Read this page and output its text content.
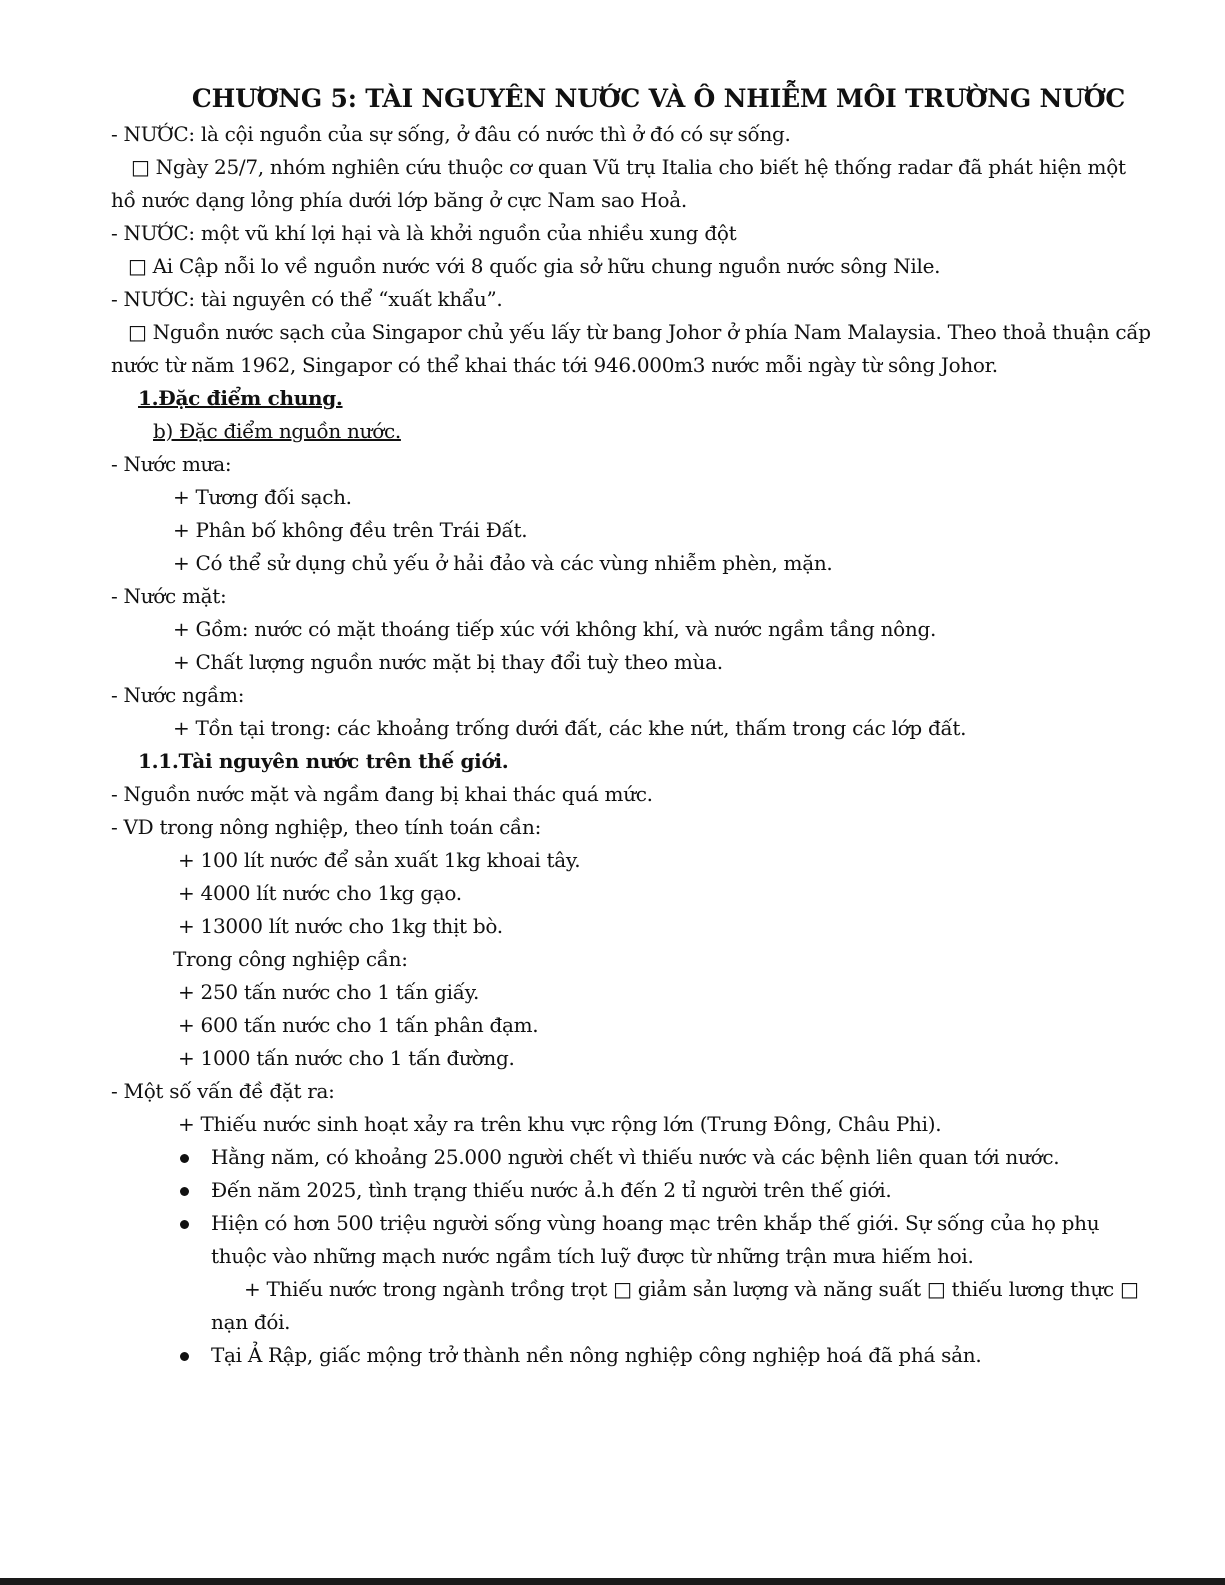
CHƯƠNG 5: TÀI NGUYÊN NƯỚC VÀ Ô NHIỄM MÔI TRƯỜNG NƯỚC

- NƯỚC: là cội nguồn của sự sống, ở đâu có nước thì ở đó có sự sống.

□ Ngày 25/7, nhóm nghiên cứu thuộc cơ quan Vũ trụ Italia cho biết hệ thống radar đã phát hiện một hồ nước dạng lỏng phía dưới lớp băng ở cực Nam sao Hoả.

- NƯỚC: một vũ khí lợi hại và là khởi nguồn của nhiều xung đột

□ Ai Cập nỗi lo về nguồn nước với 8 quốc gia sở hữu chung nguồn nước sông Nile.

- NƯỚC: tài nguyên có thể “xuất khẩu”.

□ Nguồn nước sạch của Singapor chủ yếu lấy từ bang Johor ở phía Nam Malaysia. Theo thoả thuận cấp nước từ năm 1962, Singapor có thể khai thác tới 946.000m3 nước mỗi ngày từ sông Johor.

1.Đặc điểm chung.

b) Đặc điểm nguồn nước.

- Nước mưa:

+ Tương đối sạch.

+ Phân bố không đều trên Trái Đất.

+ Có thể sử dụng chủ yếu ở hải đảo và các vùng nhiễm phèn, mặn.

- Nước mặt:

+ Gồm: nước có mặt thoáng tiếp xúc với không khí, và nước ngầm tầng nông.

+ Chất lượng nguồn nước mặt bị thay đổi tuỳ theo mùa.

- Nước ngầm:

+ Tồn tại trong: các khoảng trống dưới đất, các khe nứt, thấm trong các lớp đất.

1.1.Tài nguyên nước trên thế giới.

- Nguồn nước mặt và ngầm đang bị khai thác quá mức.

- VD trong nông nghiệp, theo tính toán cần:

+ 100 lít nước để sản xuất 1kg khoai tây.

+ 4000 lít nước cho 1kg gạo.

+ 13000 lít nước cho 1kg thịt bò.

Trong công nghiệp cần:

+ 250 tấn nước cho 1 tấn giấy.

+ 600 tấn nước cho 1 tấn phân đạm.

+ 1000 tấn nước cho 1 tấn đường.

- Một số vấn đề đặt ra:

+ Thiếu nước sinh hoạt xảy ra trên khu vực rộng lớn (Trung Đông, Châu Phi).

Hằng năm, có khoảng 25.000 người chết vì thiếu nước và các bệnh liên quan tới nước.
Đến năm 2025, tình trạng thiếu nước ả.h đến 2 tỉ người trên thế giới.
Hiện có hơn 500 triệu người sống vùng hoang mạc trên khắp thế giới. Sự sống của họ phụ thuộc vào những mạch nước ngầm tích luỹ được từ những trận mưa hiếm hoi.

+ Thiếu nước trong ngành trồng trọt □ giảm sản lượng và năng suất □ thiếu lương thực □ nạn đói.

Tại Ả Rập, giấc mộng trở thành nền nông nghiệp công nghiệp hoá đã phá sản.
